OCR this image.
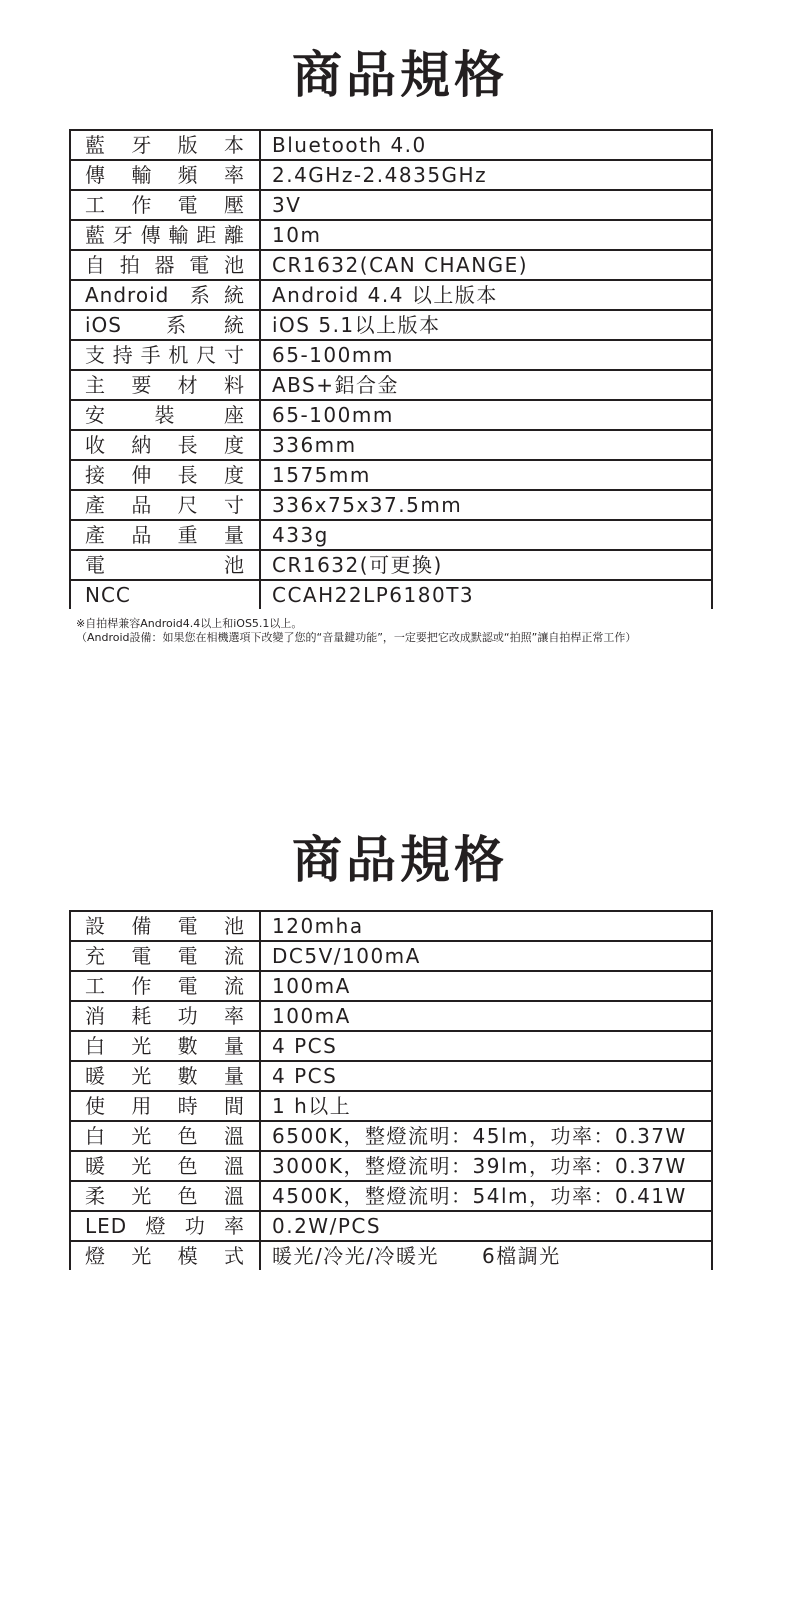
商品規格
藍牙版本	Bluetooth 4.0
傳輸頻率	2.4GHz-2.4835GHz
工作電壓	3V
藍牙傳輸距離	10m
自拍器電池	CR1632(CAN CHANGE)
Android 系統	Android 4.4 以上版本
iOS 系統	iOS 5.1以上版本
支持手机尺寸	65-100mm
主要材料	ABS+鋁合金
安裝座	65-100mm
收納長度	336mm
接伸長度	1575mm
產品尺寸	336x75x37.5mm
產品重量	433g
電池	CR1632(可更換)
NCC	CCAH22LP6180T3
※自拍桿兼容Android4.4以上和iOS5.1以上。
（Android設備：如果您在相機選項下改變了您的“音量鍵功能”，一定要把它改成默認或“拍照”讓自拍桿正常工作）
商品規格
設備電池	120mha
充電電流	DC5V/100mA
工作電流	100mA
消耗功率	100mA
白光數量	4 PCS
暖光數量	4 PCS
使用時間	1 h以上
白光色溫	6500K，整燈流明：45lm，功率：0.37W
暖光色溫	3000K，整燈流明：39lm，功率：0.37W
柔光色溫	4500K，整燈流明：54lm，功率：0.41W
LED燈功率	0.2W/PCS
燈光模式	暖光/冷光/冷暖光　　6檔調光
